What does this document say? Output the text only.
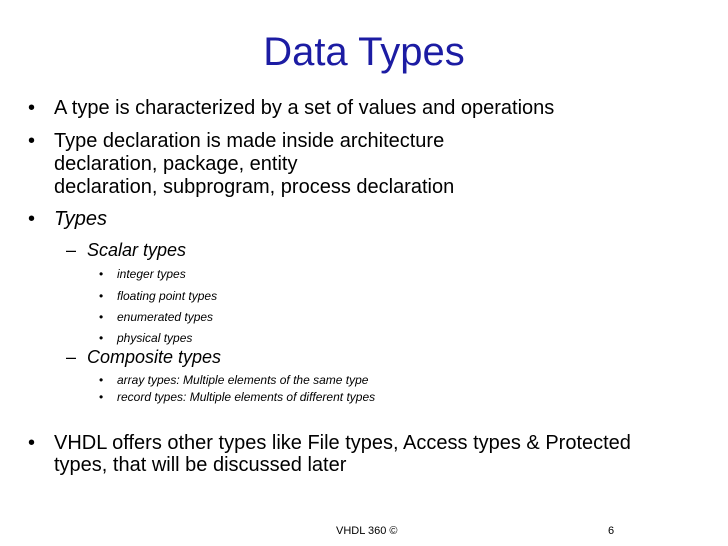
Data Types
• A type is characterized by a set of values and operations
• Type declaration is made inside architecture
declaration, package, entity
declaration, subprogram, process declaration
• Types
– Scalar types
• integer types
• floating point types
• enumerated types
• physical types
– Composite types
• array types: Multiple elements of the same type
• record types: Multiple elements of different types
• VHDL offers other types like File types, Access types & Protected
types, that will be discussed later
VHDL 360 ©	6
